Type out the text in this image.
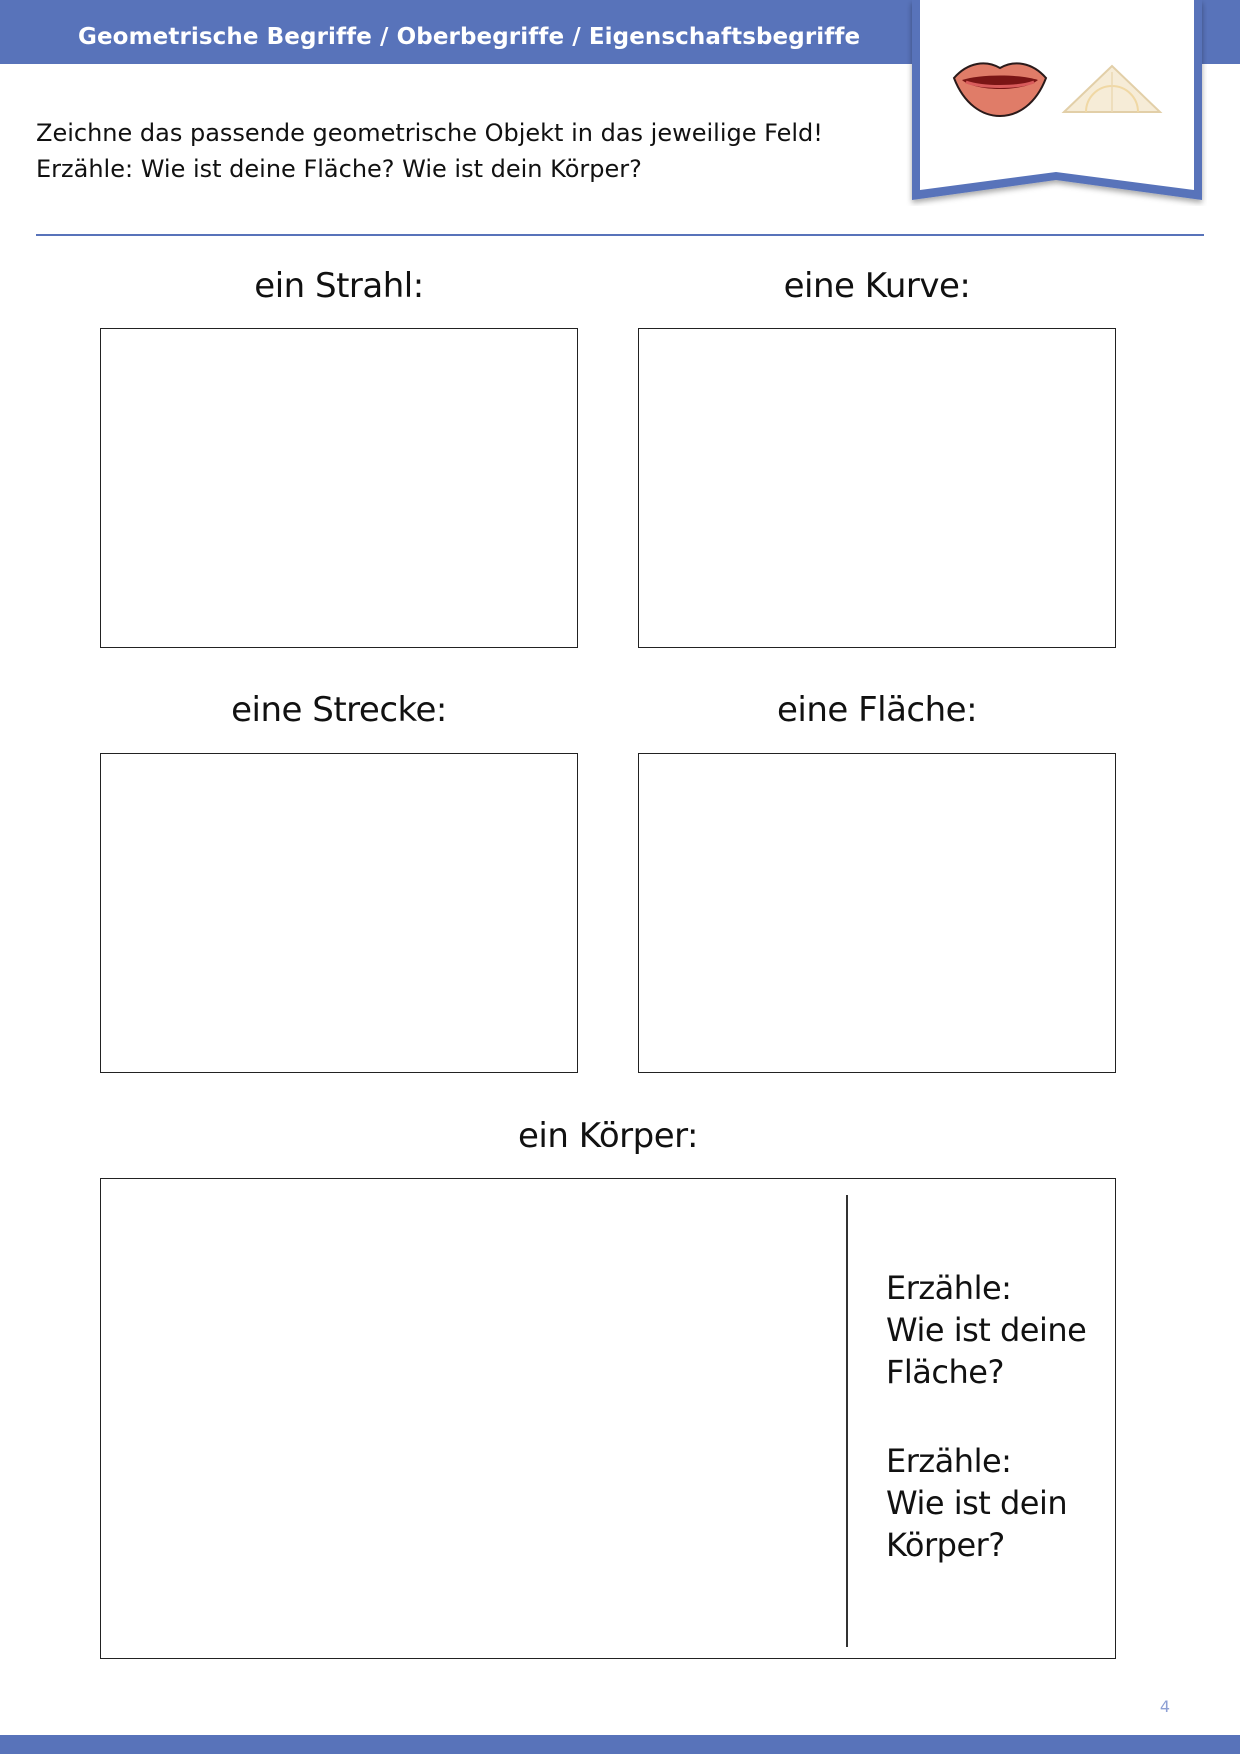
Geometrische Begriffe / Oberbegriffe / Eigenschaftsbegriffe
Zeichne das passende geometrische Objekt in das jeweilige Feld!
Erzähle: Wie ist deine Fläche? Wie ist dein Körper?
ein Strahl:	eine Kurve:
eine Strecke:	eine Fläche:
ein Körper:
Erzähle:
Wie ist deine
Fläche?
Erzähle:
Wie ist dein
Körper?
4
